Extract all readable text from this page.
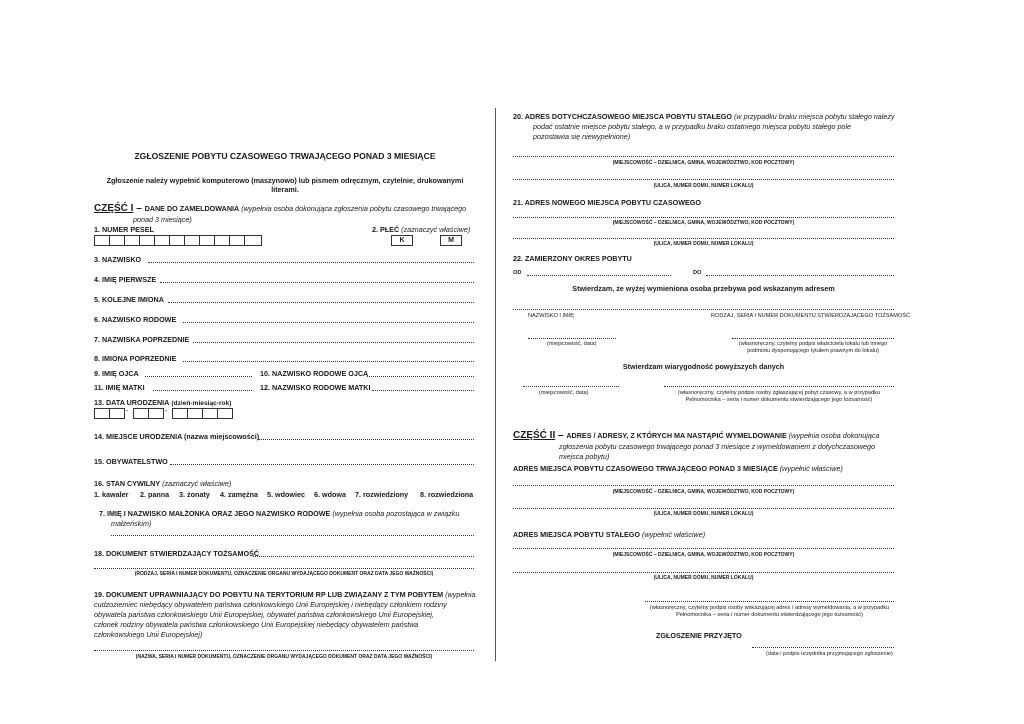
ZGŁOSZENIE POBYTU CZASOWEGO TRWAJĄCEGO PONAD 3 MIESIĄCE
Zgłoszenie należy wypełnić komputerowo (maszynowo) lub pismem odręcznym, czytelnie, drukowanymi
literami.
CZĘŚĆ I – DANE DO ZAMELDOWANIA (wypełnia osoba dokonująca zgłoszenia pobytu czasowego trwającego
ponad 3 miesiące)
1. NUMER PESEL	2. PŁEĆ (zaznaczyć właściwe)
K	M
3. NAZWISKO
4. IMIĘ PIERWSZE
5. KOLEJNE IMIONA
6. NAZWISKO RODOWE
7. NAZWISKA POPRZEDNIE
8. IMIONA POPRZEDNIE
9. IMIĘ OJCA	10. NAZWISKO RODOWE OJCA
11. IMIĘ MATKI	12. NAZWISKO RODOWE MATKI
13. DATA URODZENIA (dzień-miesiąc-rok)
-	-
14. MIEJSCE URODZENIA (nazwa miejscowości)
15. OBYWATELSTWO
16. STAN CYWILNY (zaznaczyć właściwe)
1. kawaler 2. panna 3. żonaty 4. zamężna 5. wdowiec 6. wdowa 7. rozwiedziony 8. rozwiedziona
7. IMIĘ I NAZWISKO MAŁŻONKA ORAZ JEGO NAZWISKO RODOWE (wypełnia osoba pozostająca w związku
małżeńskim)
18. DOKUMENT STWIERDZAJĄCY TOŻSAMOŚĆ
(RODZAJ, SERIA I NUMER DOKUMENTU, OZNACZENIE ORGANU WYDAJĄCEGO DOKUMENT ORAZ DATA JEGO WAŻNOŚCI)
19. DOKUMENT UPRAWNIAJĄCY DO POBYTU NA TERYTORIUM RP LUB ZWIĄZANY Z TYM POBYTEM (wypełnia
cudzoziemiec niebędący obywatelem państwa członkowskiego Unii Europejskiej i niebędący członkiem rodziny
obywatela państwa członkowskiego Unii Europejskiej, obywatel państwa członkowskiego Unii Europejskiej,
członek rodziny obywatela państwa członkowskiego Unii Europejskiej niebędący obywatelem państwa
członkowskiego Unii Europejskiej)
(NAZWA, SERIA I NUMER DOKUMENTU, OZNACZENIE ORGANU WYDAJĄCEGO DOKUMENT ORAZ DATA JEGO WAŻNOŚCI)
20. ADRES DOTYCHCZASOWEGO MIEJSCA POBYTU STAŁEGO (w przypadku braku miejsca pobytu stałego należy
podać ostatnie miejsce pobytu stałego, a w przypadku braku ostatniego miejsca pobytu stałego pole
pozostawia się niewypełnione)
(MIEJSCOWOŚĆ – DZIELNICA, GMINA, WOJEWÓDZTWO, KOD POCZTOWY)
(ULICA, NUMER DOMU, NUMER LOKALU)
21. ADRES NOWEGO MIEJSCA POBYTU CZASOWEGO
(MIEJSCOWOŚĆ – DZIELNICA, GMINA, WOJEWÓDZTWO, KOD POCZTOWY)
(ULICA, NUMER DOMU, NUMER LOKALU)
22. ZAMIERZONY OKRES POBYTU
OD	DO
Stwierdzam, że wyżej wymieniona osoba przebywa pod wskazanym adresem
NAZWISKO I IMIĘ	RODZAJ, SERIA I NUMER DOKUMENTU STWIERDZAJĄCEGO TOŻSAMOŚĆ
(miejscowość, data)	(własnoręczny, czytelny podpis właściciela lokalu lub innego
podmiotu dysponującego tytułem prawnym do lokalu)
Stwierdzam wiarygodność powyższych danych
(miejscowość, data)	(własnoręczny, czytelny podpis osoby zgłaszającej pobyt czasowy, a w przypadku
Pełnomocnika – seria i numer dokumentu stwierdzającego jego tożsamość)
CZĘŚĆ II – ADRES / ADRESY, Z KTÓRYCH MA NASTĄPIĆ WYMELDOWANIE (wypełnia osoba dokonująca
zgłoszenia pobytu czasowego trwającego ponad 3 miesiące z wymeldowaniem z dotychczasowego
miejsca pobytu)
ADRES MIEJSCA POBYTU CZASOWEGO TRWAJĄCEGO PONAD 3 MIESIĄCE (wypełnić właściwe)
(MIEJSCOWOŚĆ – DZIELNICA, GMINA, WOJEWÓDZTWO, KOD POCZTOWY)
(ULICA, NUMER DOMU, NUMER LOKALU)
ADRES MIEJSCA POBYTU STAŁEGO (wypełnić właściwe)
(MIEJSCOWOŚĆ – DZIELNICA, GMINA, WOJEWÓDZTWO, KOD POCZTOWY)
(ULICA, NUMER DOMU, NUMER LOKALU)
(własnoręczny, czytelny podpis osoby wskazującej adres / adresy wymeldowania, a w przypadku
Pełnomocnika – seria i numer dokumentu stwierdzającego jego tożsamość)
ZGŁOSZENIE PRZYJĘTO
(data i podpis urzędnika przyjmującego zgłoszenie)
